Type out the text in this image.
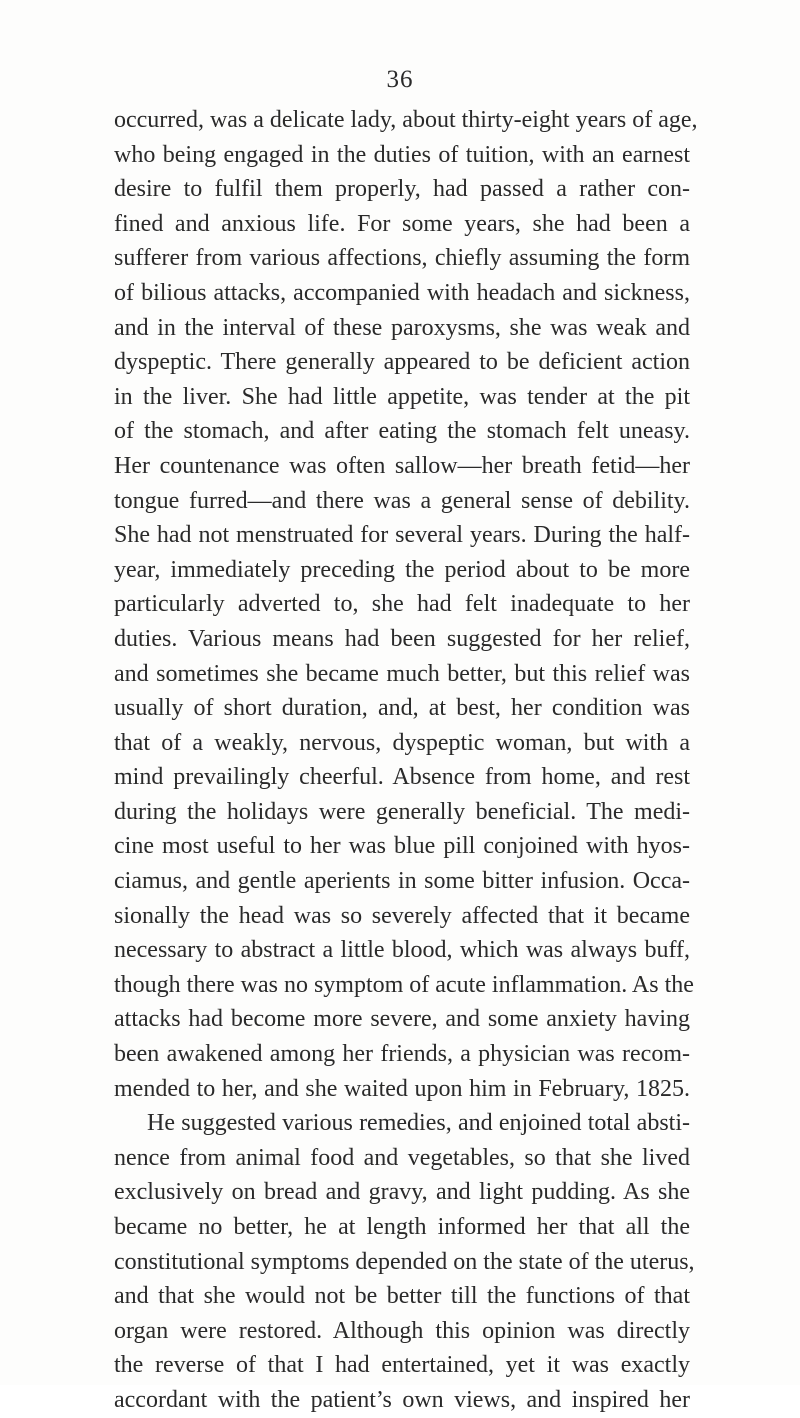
36
occurred, was a delicate lady, about thirty-eight years of age,
who being engaged in the duties of tuition, with an earnest
desire to fulfil them properly, had passed a rather con-
fined and anxious life. For some years, she had been a
sufferer from various affections, chiefly assuming the form
of bilious attacks, accompanied with headach and sickness,
and in the interval of these paroxysms, she was weak and
dyspeptic. There generally appeared to be deficient action
in the liver. She had little appetite, was tender at the pit
of the stomach, and after eating the stomach felt uneasy.
Her countenance was often sallow—her breath fetid—her
tongue furred—and there was a general sense of debility.
She had not menstruated for several years. During the half-
year, immediately preceding the period about to be more
particularly adverted to, she had felt inadequate to her
duties. Various means had been suggested for her relief,
and sometimes she became much better, but this relief was
usually of short duration, and, at best, her condition was
that of a weakly, nervous, dyspeptic woman, but with a
mind prevailingly cheerful. Absence from home, and rest
during the holidays were generally beneficial. The medi-
cine most useful to her was blue pill conjoined with hyos-
ciamus, and gentle aperients in some bitter infusion. Occa-
sionally the head was so severely affected that it became
necessary to abstract a little blood, which was always buff,
though there was no symptom of acute inflammation. As the
attacks had become more severe, and some anxiety having
been awakened among her friends, a physician was recom-
mended to her, and she waited upon him in February, 1825.
He suggested various remedies, and enjoined total absti-
nence from animal food and vegetables, so that she lived
exclusively on bread and gravy, and light pudding. As she
became no better, he at length informed her that all the
constitutional symptoms depended on the state of the uterus,
and that she would not be better till the functions of that
organ were restored. Although this opinion was directly
the reverse of that I had entertained, yet it was exactly
accordant with the patient’s own views, and inspired her
